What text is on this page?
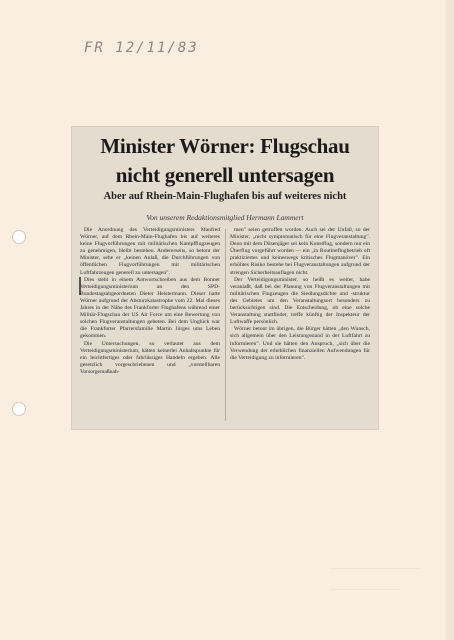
FR 12/11/83
Minister Wörner: Flugschau
nicht generell untersagen
Aber auf Rhein-Main-Flughafen bis auf weiteres nicht
Von unserem Redaktionsmitglied Hermann Lammert

Die Anordnung des Verteidigungsministers Manfred Wörner, auf dem Rhein-Main-Flughafen bis auf weiteres keine Flugvorführungen mit militärischen Kampfflugzeugen zu genehmigen, bleibt bestehen. Andererseits, so betont der Minister, sehe er „keinen Anlaß, die Durchführungen von öffentlichen Flugvorführungen mit militärischen Luftfahrzeugen generell zu untersagen".

Dies steht in einem Antwortschreiben aus dem Bonner Verteidigungsministerium an den SPD-Bundestagsabgeordneten Dieter Heistermann. Dieser hatte Wörner aufgrund der Absturzkatastrophe vom 22. Mai dieses Jahres in der Nähe des Frankfurter Flughafens während einer Militär-Flugschau der US Air Force um eine Bewertung von solchen Flugveranstaltungen gebeten. Bei dem Unglück war die Frankfurter Pfarrersfamilie Martin Jürges ums Leben gekommen.

Die Untersuchungen, so verlautet aus dem Verteidigungsministerium, hätten keinerlei Anhaltspunkte für ein leichtfertiges oder fahrlässiges Handeln ergeben. Alle gesetzlich vorgeschriebenen und „vorstellbaren Vorsorgemaßnah-

men" seien getroffen worden. Auch sei der Unfall, so der Minister, „nicht symptomatisch für eine Flugveranstaltung". Denn mit dem Düsenjäger sei kein Kunstflug, sondern nur ein Überflug vorgeführt worden — ein „in Routineflugbetrieb oft praktiziertes und keineswegs kritisches Flugmanöver". Ein erhöhtes Risiko bestehe bei Flugveranstaltungen aufgrund der strengen Sicherheitsauflagen nicht.

Der Verteidigungsminister, so heißt es weiter, habe veranlaßt, daß bei der Planung von Flugveranstaltungen mit militärischen Flugzeugen die Siedlungsdichte und -struktur des Gebietes um den Veranstaltungsort besonders zu berücksichtigen sind. Die Entscheidung, ob eine solche Veranstaltung stattfindet, treffe künftig der Inspekteur der Luftwaffe persönlich.

Wörner betont im übrigen, die Bürger hätten „den Wunsch, sich allgemein über den Leistungsstand in der Luftfahrt zu informieren". Und sie hätten den Anspruch, „sich über die Verwendung der erheblichen finanziellen Aufwendungen für die Verteidigung zu informieren".
